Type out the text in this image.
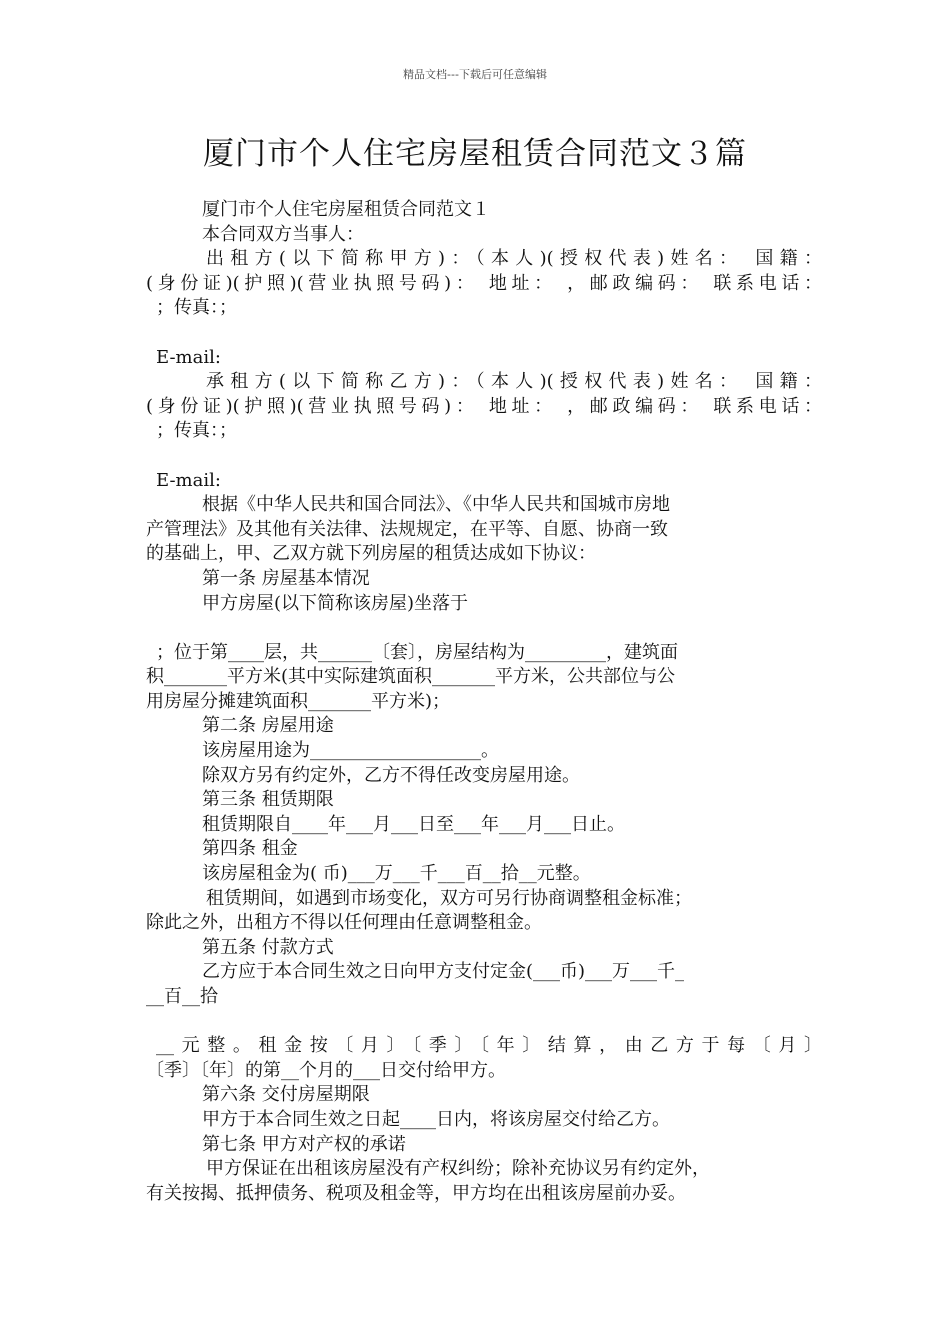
精品文档---下载后可任意编辑
厦门市个人住宅房屋租赁合同范文３篇
厦门市个人住宅房屋租赁合同范文１
本合同双方当事人：
出租方(以下简称甲方)：（本人)(授权代表)姓名： 国籍：
(身份证)(护照)(营业执照号码)： 地址： ，邮政编码： 联系电话：
；传真：；
E-mail:
承租方(以下简称乙方)：（本人)(授权代表)姓名： 国籍：
(身份证)(护照)(营业执照号码)： 地址： ，邮政编码： 联系电话：
；传真：；
E-mail:
根据《中华人民共和国合同法》、《中华人民共和国城市房地
产管理法》及其他有关法律、法规规定，在平等、自愿、协商一致
的基础上，甲、乙双方就下列房屋的租赁达成如下协议：
第一条 房屋基本情况
甲方房屋(以下简称该房屋)坐落于
；位于第____层，共______〔套〕，房屋结构为_________，建筑面
积_______平方米(其中实际建筑面积_______平方米，公共部位与公
用房屋分摊建筑面积_______平方米)；
第二条 房屋用途
该房屋用途为___________________。
除双方另有约定外，乙方不得任改变房屋用途。
第三条 租赁期限
租赁期限自____年___月___日至___年___月___日止。
第四条 租金
该房屋租金为( 币)___万___千___百__拾__元整。
租赁期间，如遇到市场变化，双方可另行协商调整租金标准；
除此之外，出租方不得以任何理由任意调整租金。
第五条 付款方式
乙方应于本合同生效之日向甲方支付定金(___币)___万___千_
__百__拾
__元整。租金按〔月〕〔季〕〔年〕结算，由乙方于每〔月〕
〔季〕〔年〕的第__个月的___日交付给甲方。
第六条 交付房屋期限
甲方于本合同生效之日起____日内，将该房屋交付给乙方。
第七条 甲方对产权的承诺
甲方保证在出租该房屋没有产权纠纷；除补充协议另有约定外，
有关按揭、抵押债务、税项及租金等，甲方均在出租该房屋前办妥。
